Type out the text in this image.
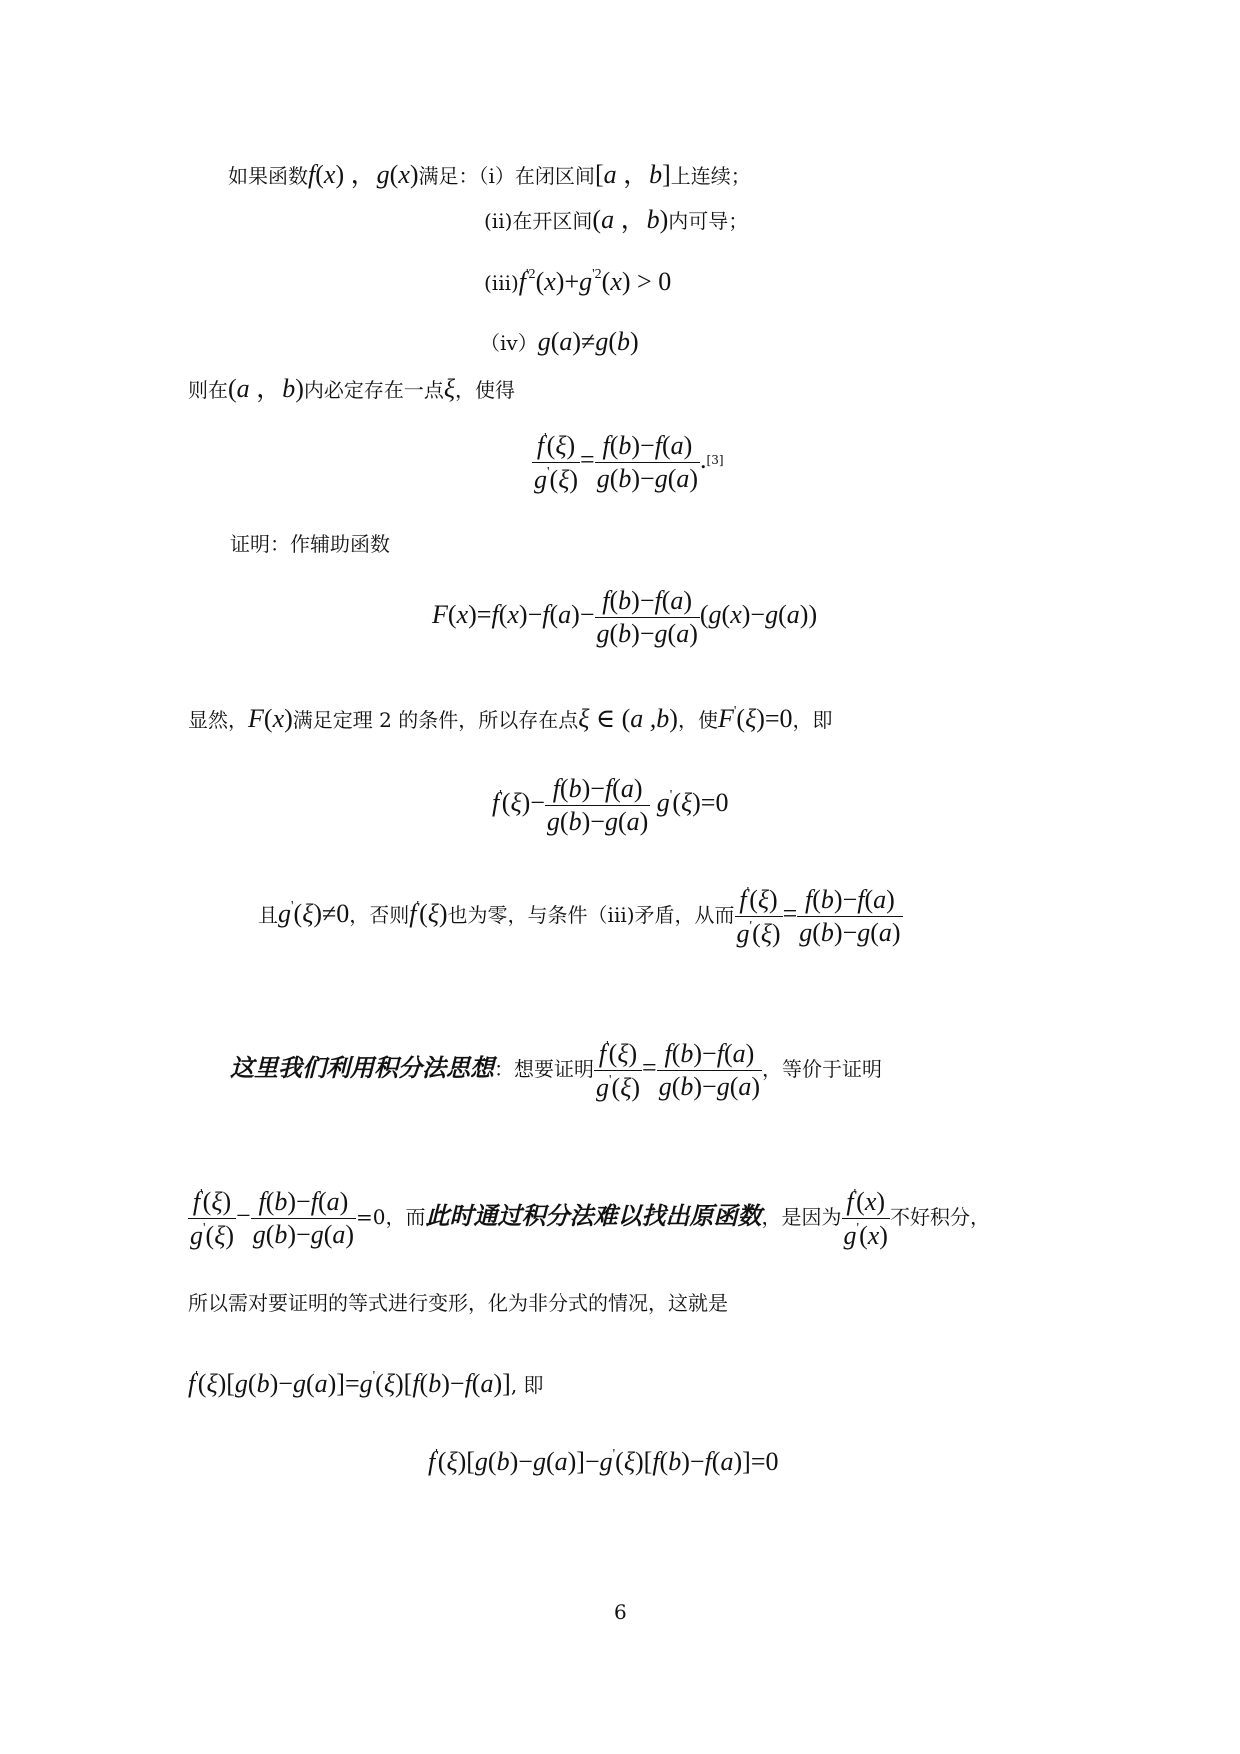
如果函数f(x) ，g(x)满足：（i）在闭区间[a ，b]上连续；
(ii)在开区间(a ，b)内可导；
$(iii)f^{'2}(x)+g^{'2}(x) > 0$
（iv）g(a)≠g(b)
则在(a ，b)内必定存在一点ξ，使得
$\frac{f'(\xi)}{g'(\xi)} = \frac{f(b)-f(a)}{g(b)-g(a)} .[3]$
证明：作辅助函数
$F(x)=f(x)-f(a)- \frac{f(b)-f(a)}{g(b)-g(a)} (g(x)-g(a))$
显然，F(x)满足定理 2 的条件，所以存在点ξ ∈ (a ,b)，使F'(ξ)=0，即
$f'(\xi)- \frac{f(b)-f(a)}{g(b)-g(a)} g'(\xi)=0$
且g'(ξ)≠0，否则f'(ξ)也为零，与条件（iii)矛盾，从而 $\frac{f'(\xi)}{g'(\xi)} = \frac{f(b)-f(a)}{g(b)-g(a)}$
这里我们利用积分法思想：想要证明 $\frac{f'(\xi)}{g'(\xi)} = \frac{f(b)-f(a)}{g(b)-g(a)}$ ，等价于证明
$\frac{f'(\xi)}{g'(\xi)} - \frac{f(b)-f(a)}{g(b)-g(a)} =0$，而此时通过积分法难以找出原函数，是因为 $\frac{f'(x)}{g'(x)}$ 不好积分，
所以需对要证明的等式进行变形，化为非分式的情况，这就是
f'(ξ)[g(b)−g(a)]=g'(ξ)[f(b)−f(a)], 即
f'(ξ)[g(b)−g(a)]−g'(ξ)[f(b)−f(a)]=0
6
